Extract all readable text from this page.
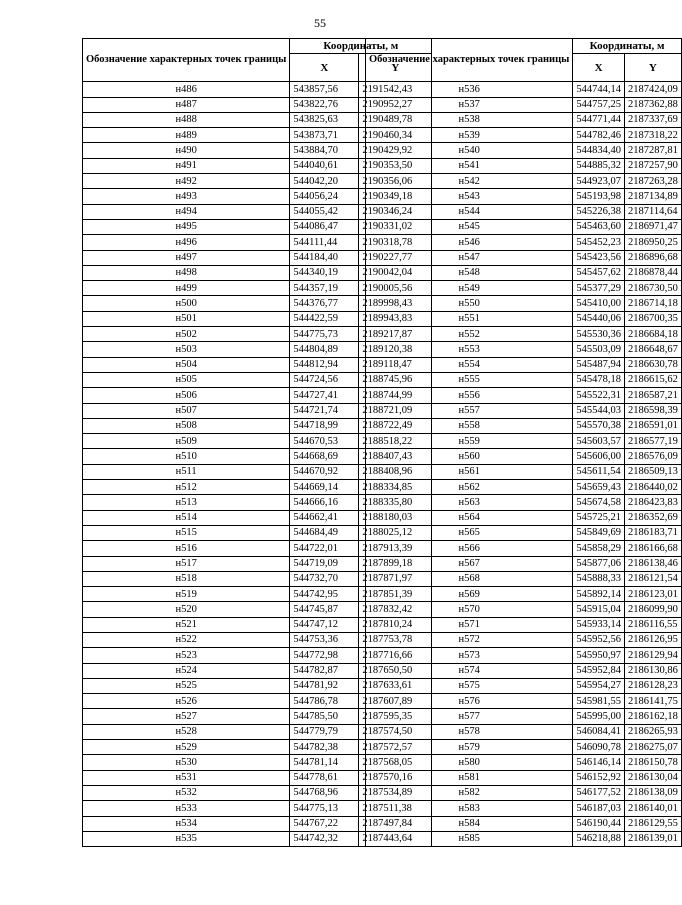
55
Обозначение характерных точек границы	Координаты, м	
	X	Y
н486	543857,56	2191542,43
н487	543822,76	2190952,27
н488	543825,63	2190489,78
н489	543873,71	2190460,34
н490	543884,70	2190429,92
н491	544040,61	2190353,50
н492	544042,20	2190356,06
н493	544056,24	2190349,18
н494	544055,42	2190346,24
н495	544086,47	2190331,02
н496	544111,44	2190318,78
н497	544184,40	2190227,77
н498	544340,19	2190042,04
н499	544357,19	2190005,56
н500	544376,77	2189998,43
н501	544422,59	2189943,83
н502	544775,73	2189217,87
н503	544804,89	2189120,38
н504	544812,94	2189118,47
н505	544724,56	2188745,96
н506	544727,41	2188744,99
н507	544721,74	2188721,09
н508	544718,99	2188722,49
н509	544670,53	2188518,22
н510	544668,69	2188407,43
н511	544670,92	2188408,96
н512	544669,14	2188334,85
н513	544666,16	2188335,80
н514	544662,41	2188180,03
н515	544684,49	2188025,12
н516	544722,01	2187913,39
н517	544719,09	2187899,18
н518	544732,70	2187871,97
н519	544742,95	2187851,39
н520	544745,87	2187832,42
н521	544747,12	2187810,24
н522	544753,36	2187753,78
н523	544772,98	2187716,66
н524	544782,87	2187650,50
н525	544781,92	2187633,61
н526	544786,78	2187607,89
н527	544785,50	2187595,35
н528	544779,79	2187574,50
н529	544782,38	2187572,57
н530	544781,14	2187568,05
н531	544778,61	2187570,16
н532	544768,96	2187534,89
н533	544775,13	2187511,38
н534	544767,22	2187497,84
н535	544742,32	2187443,64
Обозначение характерных точек границы	Координаты, м	
	X	Y
н536	544744,14	2187424,09
н537	544757,25	2187362,88
н538	544771,44	2187337,69
н539	544782,46	2187318,22
н540	544834,40	2187287,81
н541	544885,32	2187257,90
н542	544923,07	2187263,28
н543	545193,98	2187134,89
н544	545226,38	2187114,64
н545	545463,60	2186971,47
н546	545452,23	2186950,25
н547	545423,56	2186896,68
н548	545457,62	2186878,44
н549	545377,29	2186730,50
н550	545410,00	2186714,18
н551	545440,06	2186700,35
н552	545530,36	2186684,18
н553	545503,09	2186648,67
н554	545487,94	2186630,78
н555	545478,18	2186615,62
н556	545522,31	2186587,21
н557	545544,03	2186598,39
н558	545570,38	2186591,01
н559	545603,57	2186577,19
н560	545606,00	2186576,09
н561	545611,54	2186509,13
н562	545659,43	2186440,02
н563	545674,58	2186423,83
н564	545725,21	2186352,69
н565	545849,69	2186183,71
н566	545858,29	2186166,68
н567	545877,06	2186138,46
н568	545888,33	2186121,54
н569	545892,14	2186123,01
н570	545915,04	2186099,90
н571	545933,14	2186116,55
н572	545952,56	2186126,95
н573	545950,97	2186129,94
н574	545952,84	2186130,86
н575	545954,27	2186128,23
н576	545981,55	2186141,75
н577	545995,00	2186162,18
н578	546084,41	2186265,93
н579	546090,78	2186275,07
н580	546146,14	2186150,78
н581	546152,92	2186130,04
н582	546177,52	2186138,09
н583	546187,03	2186140,01
н584	546190,44	2186129,55
н585	546218,88	2186139,01
